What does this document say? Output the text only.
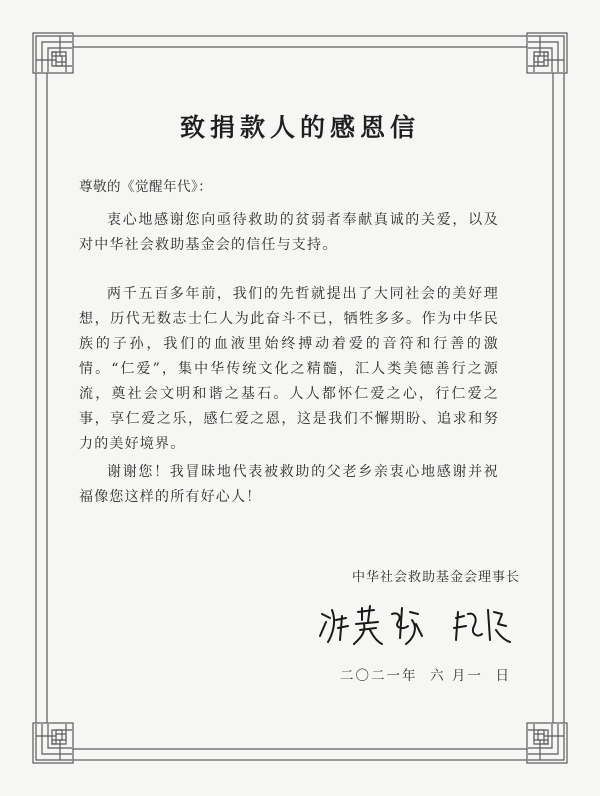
致捐款人的感恩信
尊敬的《觉醒年代》：
衷心地感谢您向亟待救助的贫弱者奉献真诚的关爱，以及对中华社会救助基金会的信任与支持。
两千五百多年前，我们的先哲就提出了大同社会的美好理想，历代无数志士仁人为此奋斗不已，牺牲多多。作为中华民族的子孙，我们的血液里始终搏动着爱的音符和行善的激情。“仁爱”，集中华传统文化之精髓，汇人类美德善行之源流，奠社会文明和谐之基石。人人都怀仁爱之心，行仁爱之事，享仁爱之乐，感仁爱之恩，这是我们不懈期盼、追求和努力的美好境界。
谢谢您！我冒昧地代表被救助的父老乡亲衷心地感谢并祝福像您这样的所有好心人！
中华社会救助基金会理事长
二〇二一年  六 月一  日
